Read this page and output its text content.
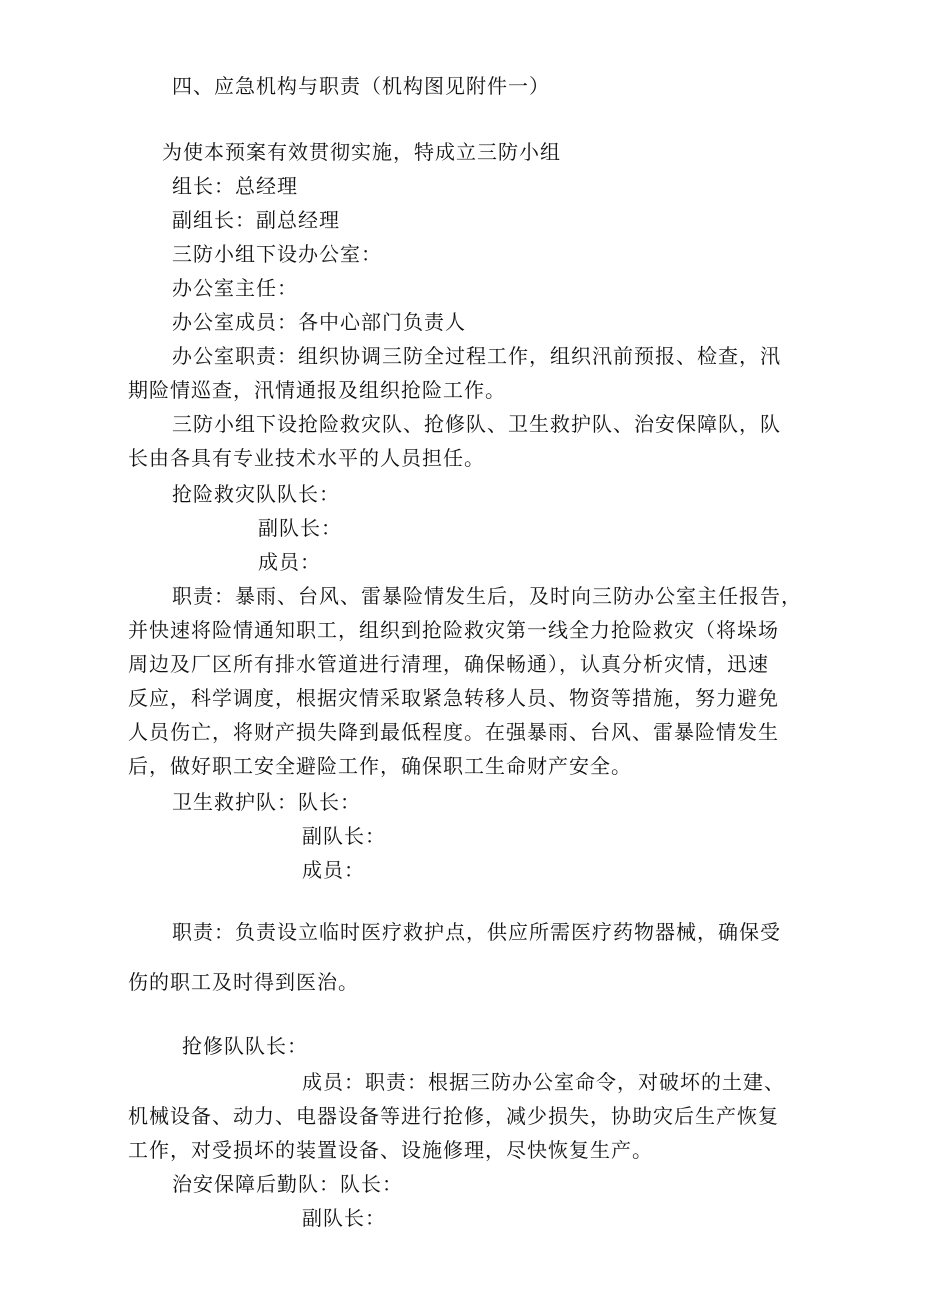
四、应急机构与职责（机构图见附件一）
为使本预案有效贯彻实施，特成立三防小组
组长：总经理
副组长：副总经理
三防小组下设办公室：
办公室主任：
办公室成员：各中心部门负责人
办公室职责：组织协调三防全过程工作，组织汛前预报、检查，汛
期险情巡查，汛情通报及组织抢险工作。
三防小组下设抢险救灾队、抢修队、卫生救护队、治安保障队，队
长由各具有专业技术水平的人员担任。
抢险救灾队队长：
副队长：
成员：
职责：暴雨、台风、雷暴险情发生后，及时向三防办公室主任报告，
并快速将险情通知职工，组织到抢险救灾第一线全力抢险救灾（将垛场
周边及厂区所有排水管道进行清理，确保畅通），认真分析灾情，迅速
反应，科学调度，根据灾情采取紧急转移人员、物资等措施，努力避免
人员伤亡，将财产损失降到最低程度。在强暴雨、台风、雷暴险情发生
后，做好职工安全避险工作，确保职工生命财产安全。
卫生救护队：队长：
副队长：
成员：
职责：负责设立临时医疗救护点，供应所需医疗药物器械，确保受
伤的职工及时得到医治。
抢修队队长：
成员：职责：根据三防办公室命令，对破坏的土建、
机械设备、动力、电器设备等进行抢修，减少损失，协助灾后生产恢复
工作，对受损坏的装置设备、设施修理，尽快恢复生产。
治安保障后勤队：队长：
副队长：
